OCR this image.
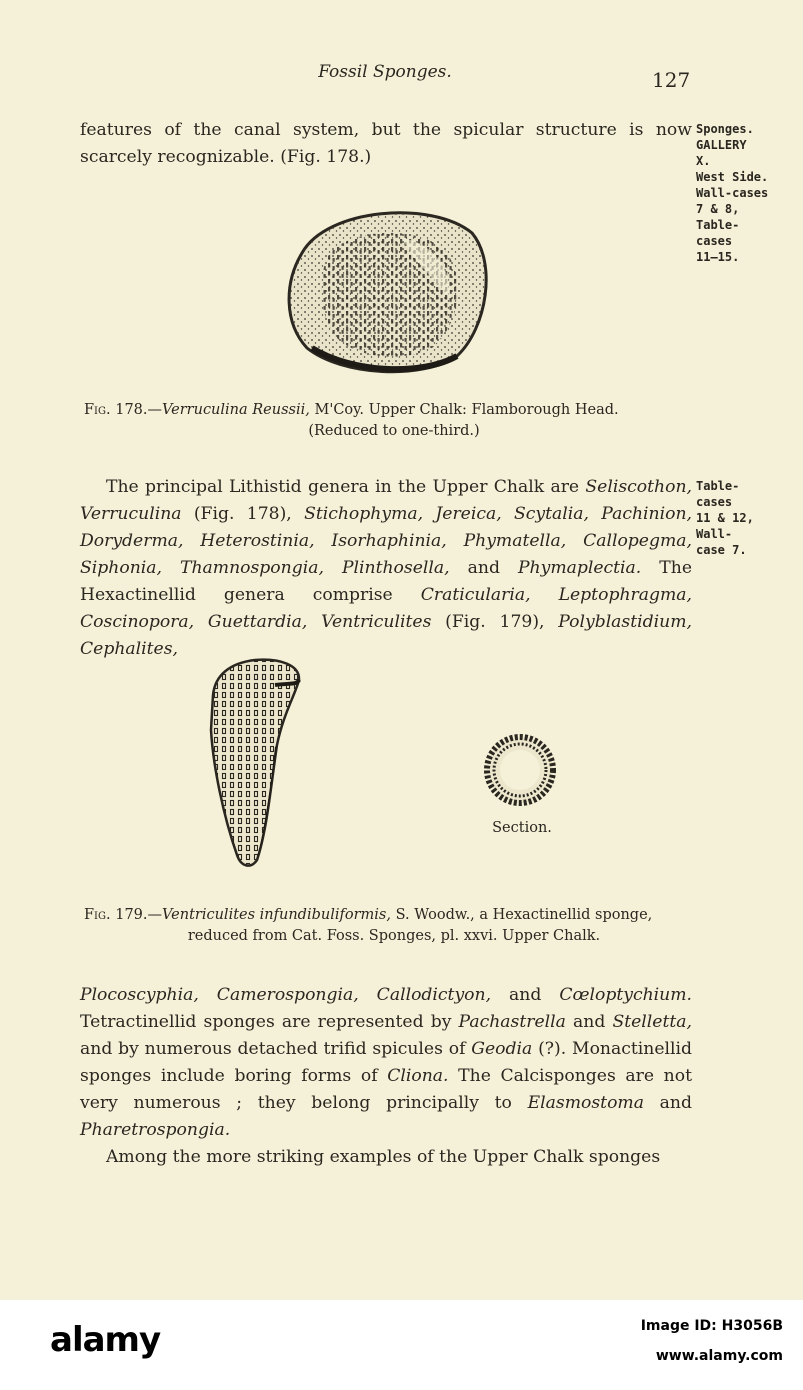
Fossil Sponges.	127

features of the canal system, but the spicular structure is now

scarcely recognizable. (Fig. 178.)

Sponges.
GALLERY
X.
West Side.
Wall-cases
7 & 8,
Table-
cases
11–15.
Fig. 178.—Verruculina Reussii, M'Coy. Upper Chalk: Flamborough Head.
(Reduced to one-third.)

The principal Lithistid genera in the Upper Chalk are Seliscothon, Verruculina (Fig. 178), Stichophyma, Jereica, Scytalia, Pachinion, Doryderma, Heterostinia, Isorhaphinia, Phymatella, Callopegma, Siphonia, Thamnospongia, Plinthosella, and Phymaplectia. The Hexactinellid genera comprise Craticularia, Leptophragma, Coscinopora, Guettardia, Ventriculites (Fig. 179), Polyblastidium, Cephalites,

Table-
cases
11 & 12,
Wall-
case 7.
Section.
Fig. 179.—Ventriculites infundibuliformis, S. Woodw., a Hexactinellid sponge,
reduced from Cat. Foss. Sponges, pl. xxvi. Upper Chalk.

Plocoscyphia, Camerospongia, Callodictyon, and Cœloptychium. Tetractinellid sponges are represented by Pachastrella and Stelletta, and by numerous detached trifid spicules of Geodia (?). Monactinellid sponges include boring forms of Cliona. The Calcisponges are not very numerous ; they belong principally to Elasmostoma and Pharetrospongia.

Among the more striking examples of the Upper Chalk sponges

alamy	Image ID: H3056B
www.alamy.com
